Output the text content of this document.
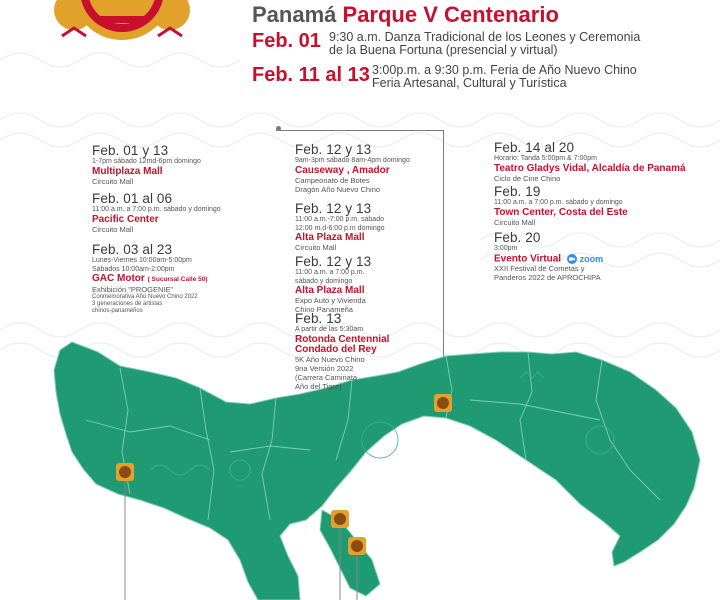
Panamá Parque V Centenario
Feb. 01 9:30 a.m. Danza Tradicional de los Leones y Ceremonia
de la Buena Fortuna (presencial y virtual)
Feb. 11 al 13 3:00p.m. a 9:30 p.m. Feria de Año Nuevo Chino
Feria Artesanal, Cultural y Turística
Feb. 01 y 13
1-7pm sábado 12md-6pm domingo
Multiplaza Mall
Circuito Mall
Feb. 01 al 06
11:00 a.m. a 7:00 p.m. sábado y domingo
Pacific Center
Circuito Mall
Feb. 03 al 23
Lunes-Viernes 10:00am-5:00pm
Sábados 10:00am-2:00pm
GAC Motor ( Sucursal Calle 50)
Exhibición "PROGENIE"
Conmemorativa Año Nuevo Chino 2022
3 generaciones de artistas
chinos-panameños
Feb. 12 y 13
9am-3pm sábado 8am-4pm domingo
Causeway , Amador
Campeonato de Botes
Dragón Año Nuevo Chino
Feb. 12 y 13
11:00 a.m.-7:00 p.m. sábado
12:00 m.d-6:00 p.m domingo
Alta Plaza Mall
Circuito Mall
Feb. 12 y 13
11:00 a.m. a 7:00 p.m.
sábado y domingo
Alta Plaza Mall
Expo Auto y Vivienda
Chino Panameña
Feb. 13
A partir de las 5:30am
Rotonda Centennial
Condado del Rey
5K Año Nuevo Chino
9na Versión 2022
(Carrera Caminata
Año del Tigre)
Feb. 14 al 20
Horario: Tanda 5:00pm & 7:00pm
Teatro Gladys Vidal, Alcaldía de Panamá
Ciclo de Cine Chino
Feb. 19
11:00 a.m. a 7:00 p.m. sábado y domingo
Town Center, Costa del Este
Circuito Mall
Feb. 20
3:00pm
Evento Virtual zoom
XXII Festival de Cometas y
Panderos 2022 de APROCHIPA
